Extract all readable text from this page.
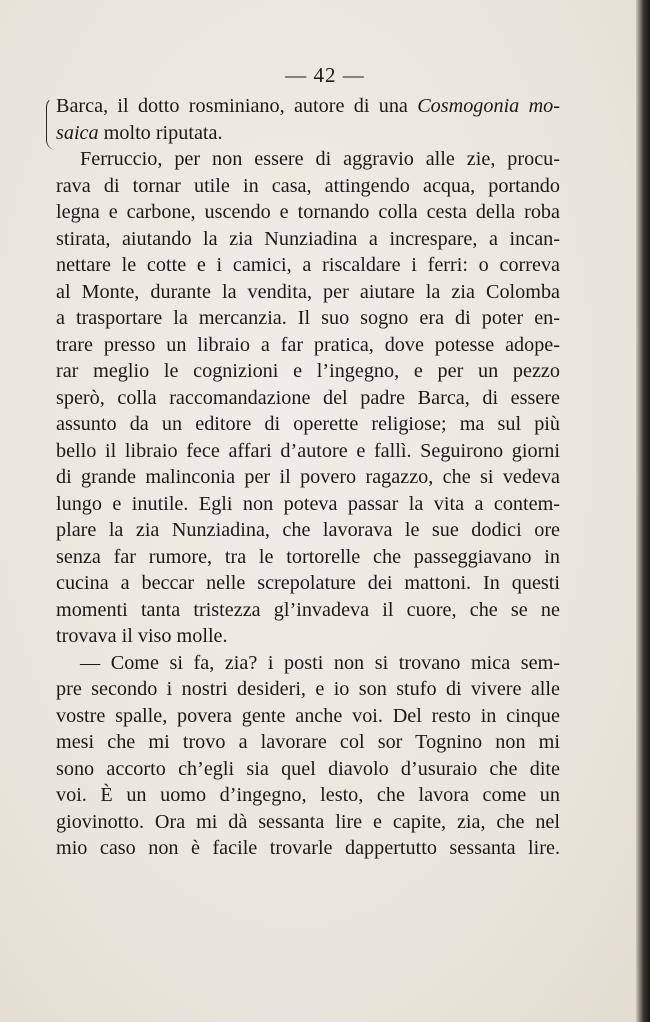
— 42 —
Barca, il dotto rosminiano, autore di una Cosmogonia mo-
saica molto riputata.
Ferruccio, per non essere di aggravio alle zie, procu-
rava di tornar utile in casa, attingendo acqua, portando
legna e carbone, uscendo e tornando colla cesta della roba
stirata, aiutando la zia Nunziadina a increspare, a incan-
nettare le cotte e i camici, a riscaldare i ferri: o correva
al Monte, durante la vendita, per aiutare la zia Colomba
a trasportare la mercanzia. Il suo sogno era di poter en-
trare presso un libraio a far pratica, dove potesse adope-
rar meglio le cognizioni e l’ingegno, e per un pezzo
sperò, colla raccomandazione del padre Barca, di essere
assunto da un editore di operette religiose; ma sul più
bello il libraio fece affari d’autore e fallì. Seguirono giorni
di grande malinconia per il povero ragazzo, che si vedeva
lungo e inutile. Egli non poteva passar la vita a contem-
plare la zia Nunziadina, che lavorava le sue dodici ore
senza far rumore, tra le tortorelle che passeggiavano in
cucina a beccar nelle screpolature dei mattoni. In questi
momenti tanta tristezza gl’invadeva il cuore, che se ne
trovava il viso molle.
— Come si fa, zia? i posti non si trovano mica sem-
pre secondo i nostri desideri, e io son stufo di vivere alle
vostre spalle, povera gente anche voi. Del resto in cinque
mesi che mi trovo a lavorare col sor Tognino non mi
sono accorto ch’egli sia quel diavolo d’usuraio che dite
voi. È un uomo d’ingegno, lesto, che lavora come un
giovinotto. Ora mi dà sessanta lire e capite, zia, che nel
mio caso non è facile trovarle dappertutto sessanta lire.
